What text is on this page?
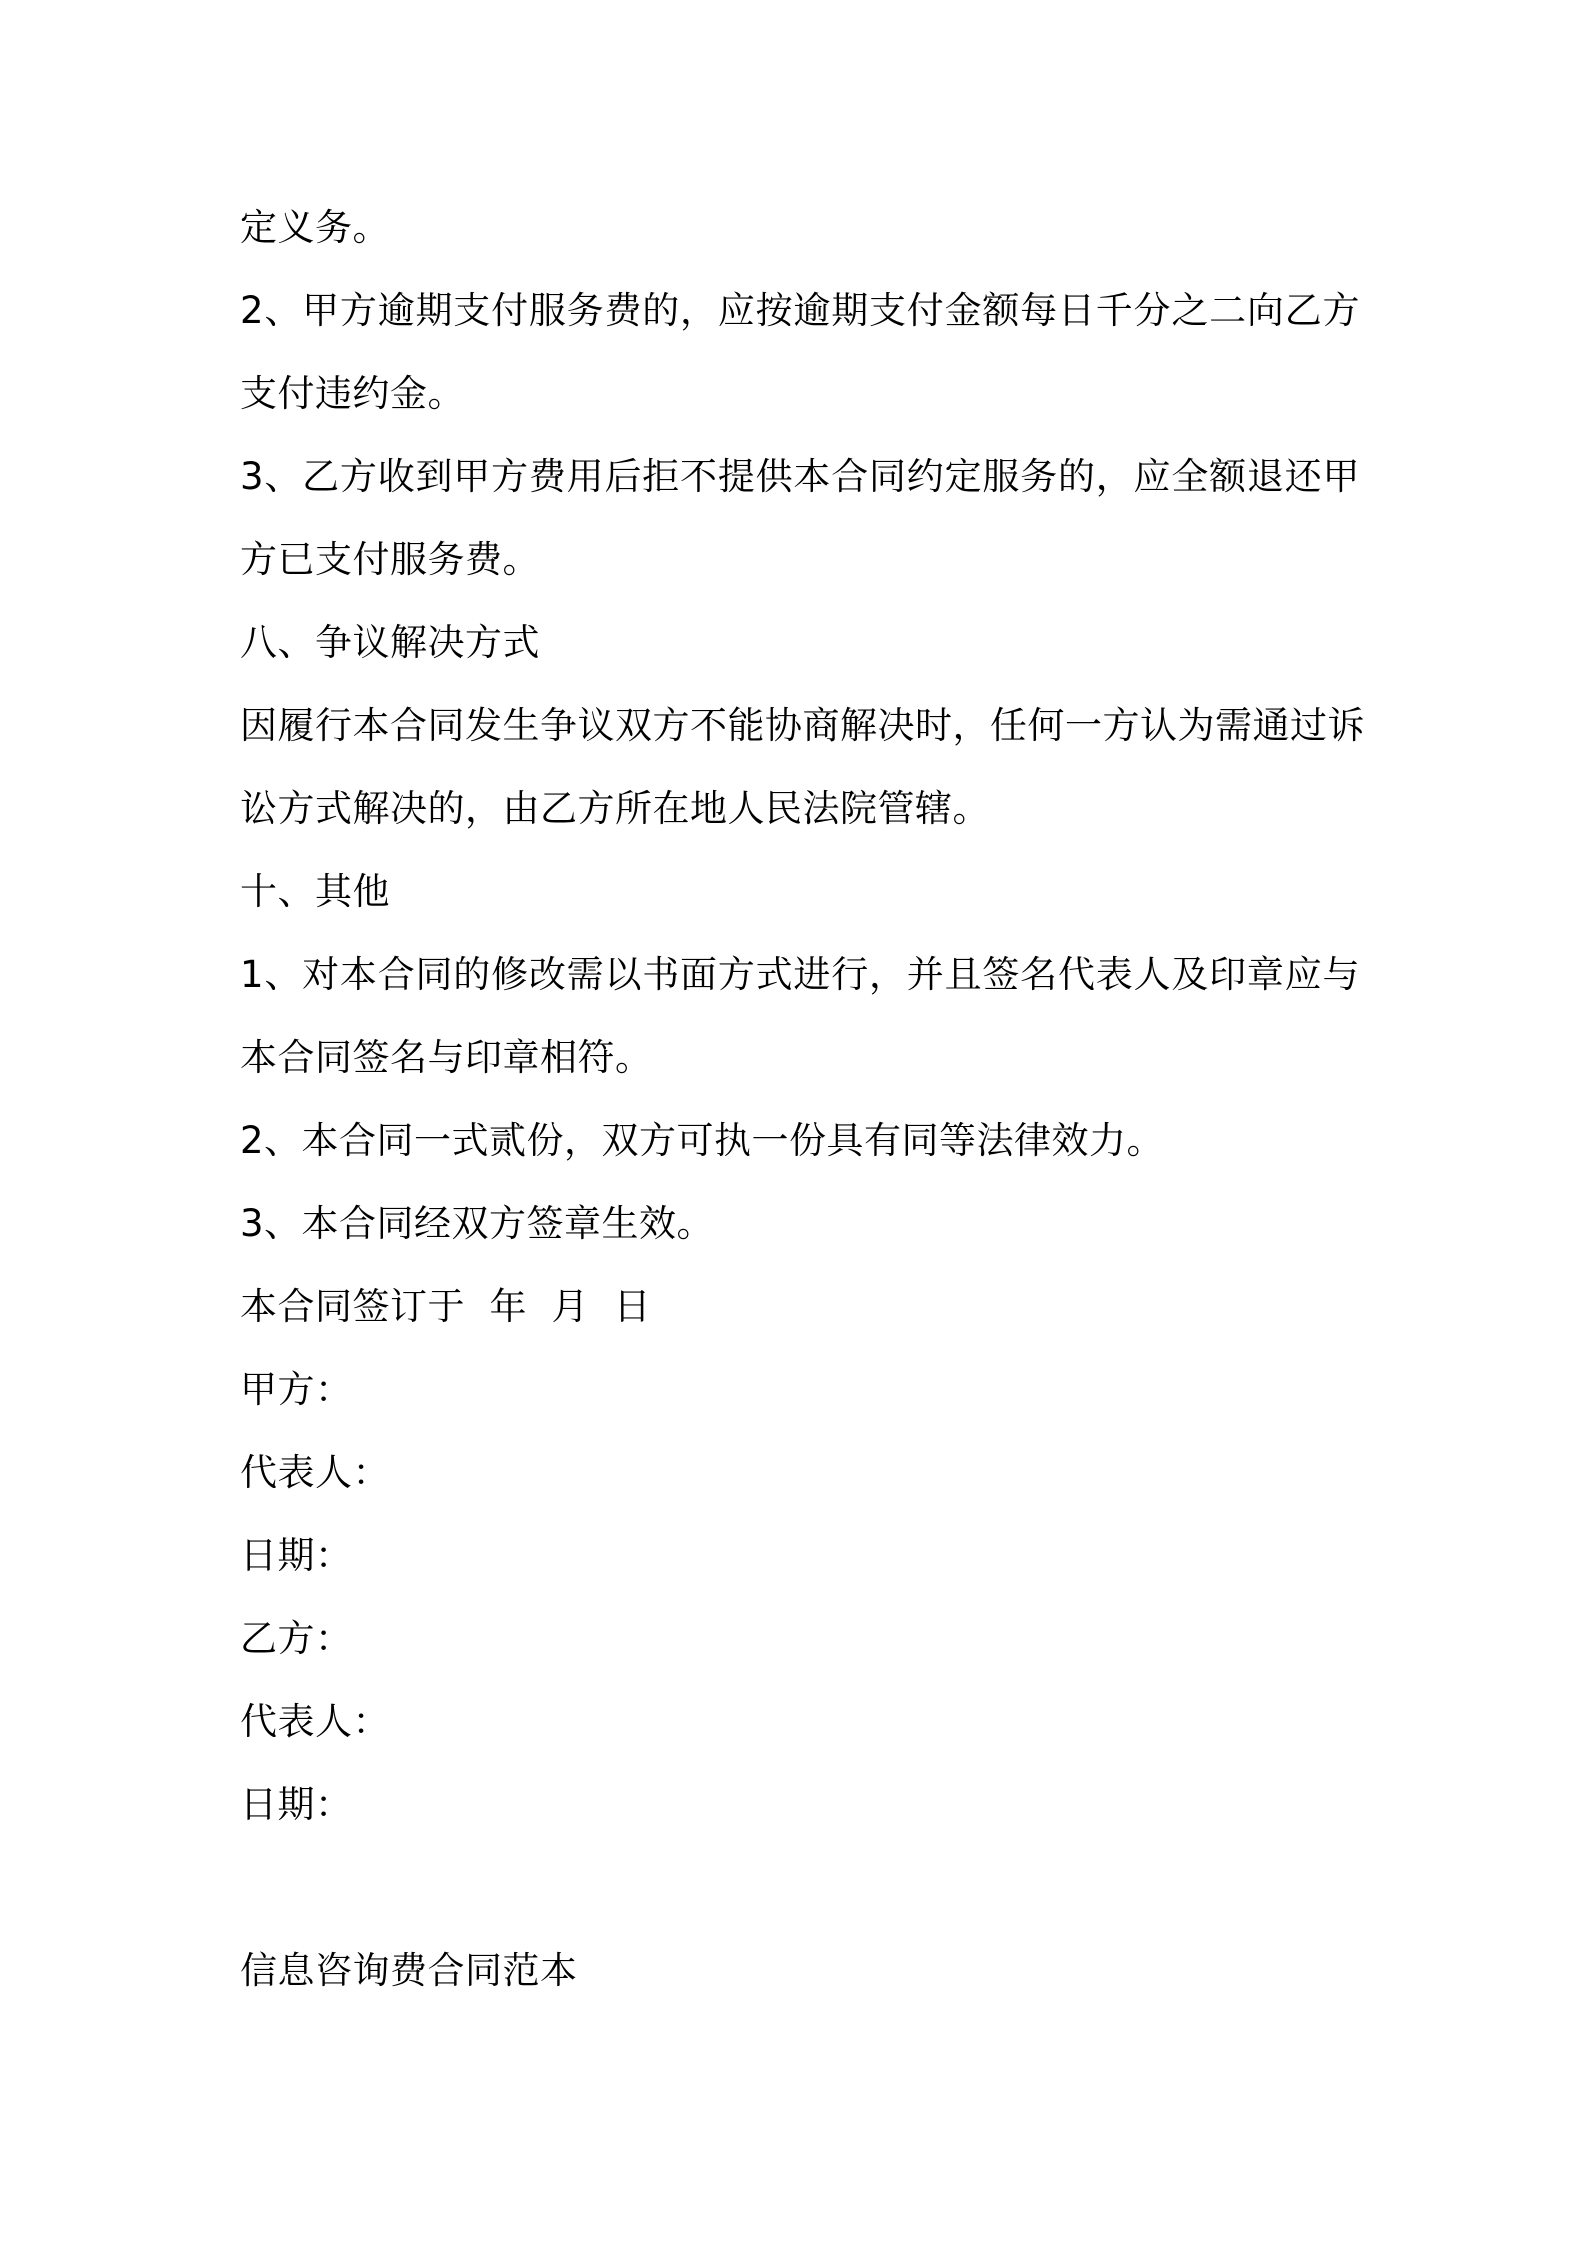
定义务。
2、甲方逾期支付服务费的，应按逾期支付金额每日千分之二向乙方
支付违约金。
3、乙方收到甲方费用后拒不提供本合同约定服务的，应全额退还甲
方已支付服务费。
八、争议解决方式
因履行本合同发生争议双方不能协商解决时，任何一方认为需通过诉
讼方式解决的，由乙方所在地人民法院管辖。
十、其他
1、对本合同的修改需以书面方式进行，并且签名代表人及印章应与
本合同签名与印章相符。
2、本合同一式贰份，双方可执一份具有同等法律效力。
3、本合同经双方签章生效。
本合同签订于  年  月  日
甲方：
代表人：
日期：
乙方：
代表人：
日期：
信息咨询费合同范本
